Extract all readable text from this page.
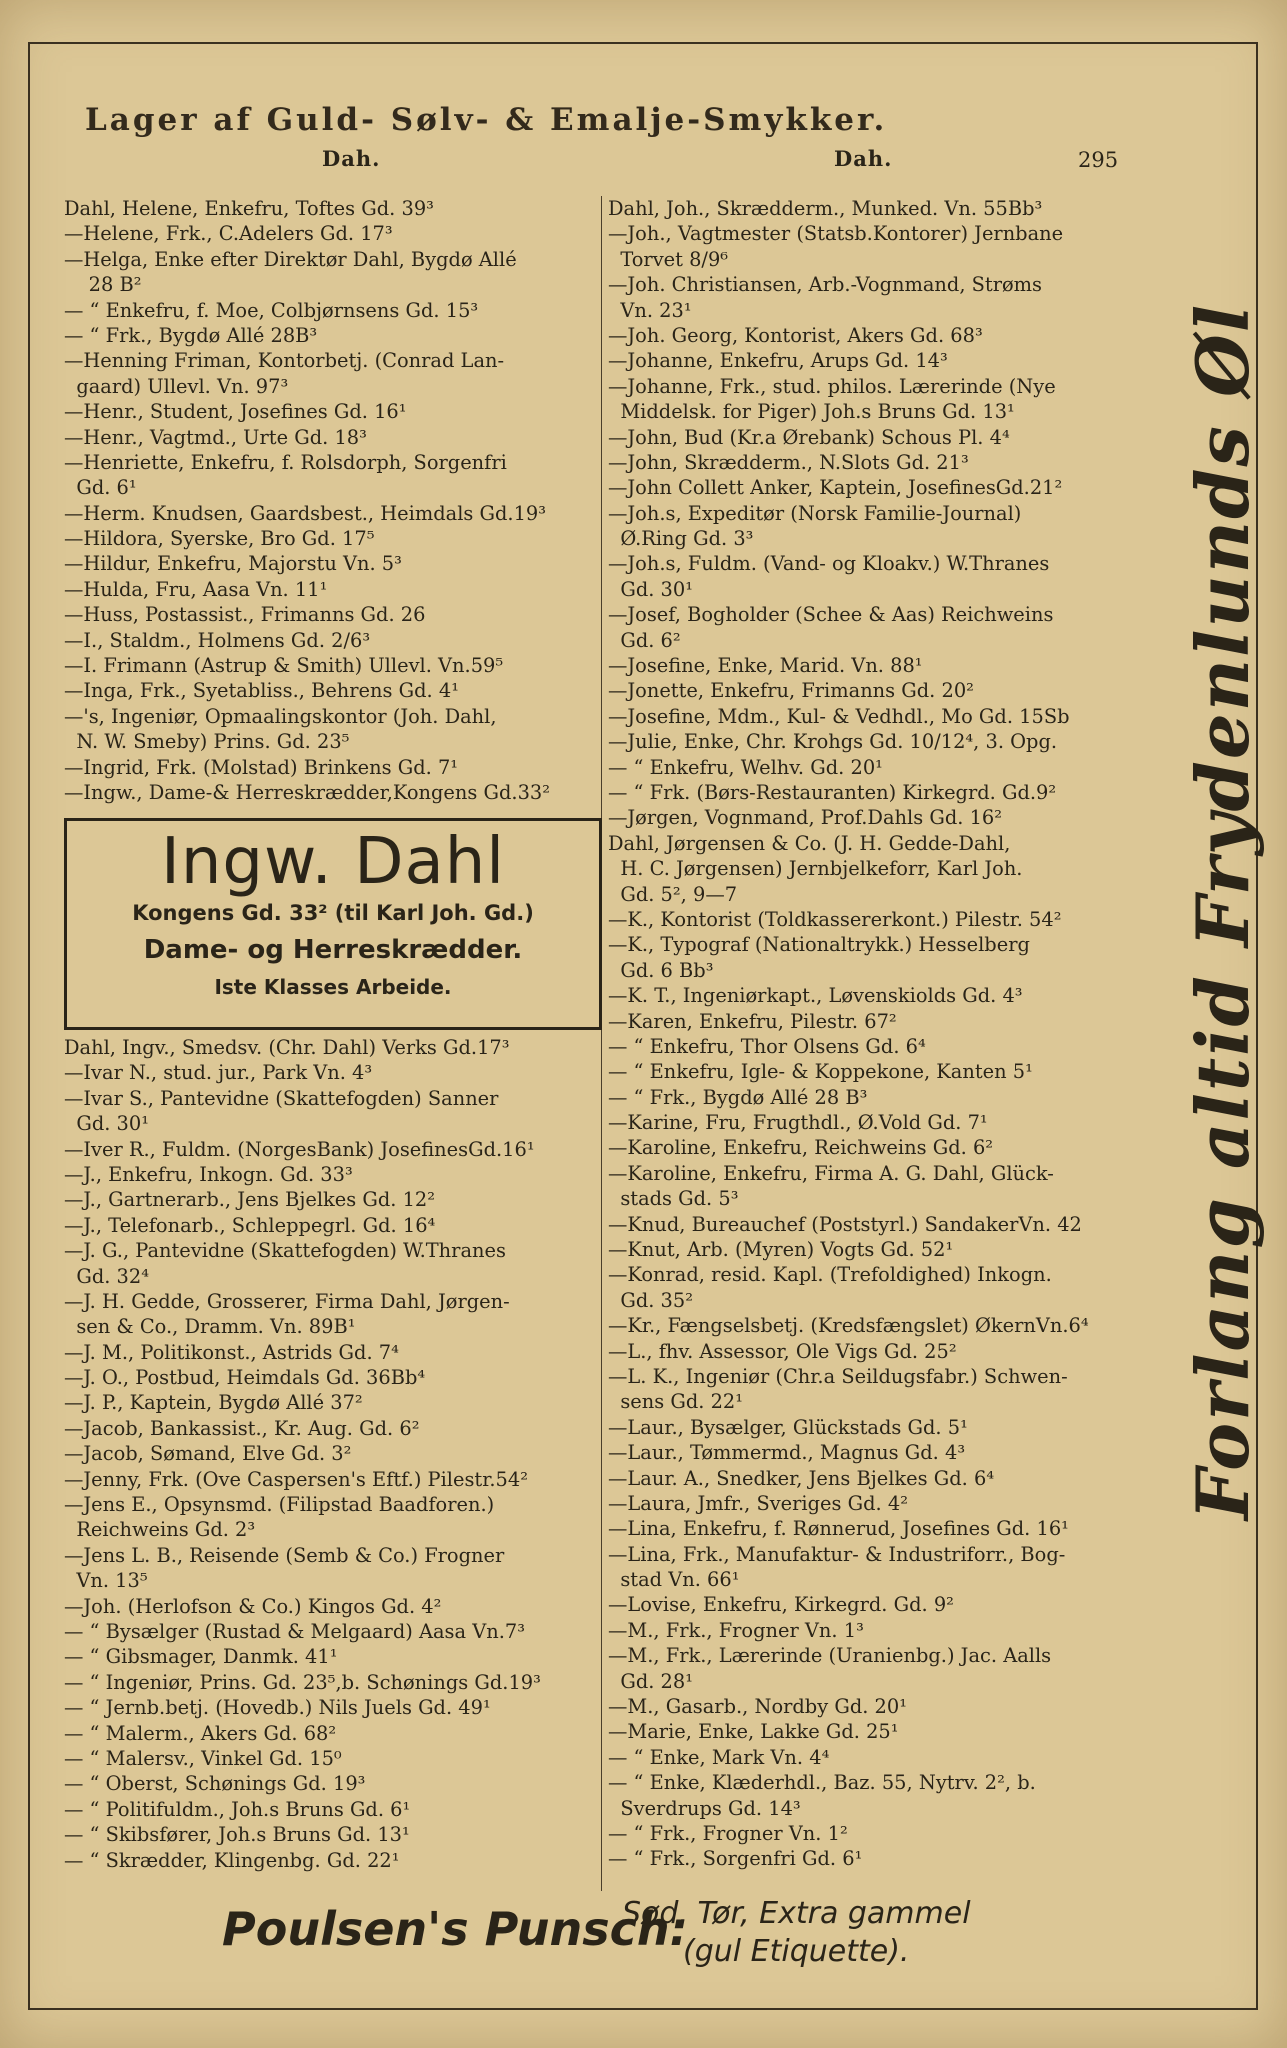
Lager af Guld- Sølv- & Emalje-Smykker.
Dah.	Dah.	295
Dahl, Helene, Enkefru, Toftes Gd. 39³
—Helene, Frk., C.Adelers Gd. 17³
—Helga, Enke efter Direktør Dahl, Bygdø Allé
28 B²
— “ Enkefru, f. Moe, Colbjørnsens Gd. 15³
— “ Frk., Bygdø Allé 28B³
—Henning Friman, Kontorbetj. (Conrad Lan-
gaard) Ullevl. Vn. 97³
—Henr., Student, Josefines Gd. 16¹
—Henr., Vagtmd., Urte Gd. 18³
—Henriette, Enkefru, f. Rolsdorph, Sorgenfri
Gd. 6¹
—Herm. Knudsen, Gaardsbest., Heimdals Gd.19³
—Hildora, Syerske, Bro Gd. 17⁵
—Hildur, Enkefru, Majorstu Vn. 5³
—Hulda, Fru, Aasa Vn. 11¹
—Huss, Postassist., Frimanns Gd. 26
—I., Staldm., Holmens Gd. 2/6³
—I. Frimann (Astrup & Smith) Ullevl. Vn.59⁵
—Inga, Frk., Syetabliss., Behrens Gd. 4¹
—'s, Ingeniør, Opmaalingskontor (Joh. Dahl,
N. W. Smeby) Prins. Gd. 23⁵
—Ingrid, Frk. (Molstad) Brinkens Gd. 7¹
—Ingw., Dame-& Herreskrædder,Kongens Gd.33²
Ingw. Dahl
Kongens Gd. 33² (til Karl Joh. Gd.)
Dame- og Herreskrædder.
Iste Klasses Arbeide.
Dahl, Ingv., Smedsv. (Chr. Dahl) Verks Gd.17³
—Ivar N., stud. jur., Park Vn. 4³
—Ivar S., Pantevidne (Skattefogden) Sanner
Gd. 30¹
—Iver R., Fuldm. (NorgesBank) JosefinesGd.16¹
—J., Enkefru, Inkogn. Gd. 33³
—J., Gartnerarb., Jens Bjelkes Gd. 12²
—J., Telefonarb., Schleppegrl. Gd. 16⁴
—J. G., Pantevidne (Skattefogden) W.Thranes
Gd. 32⁴
—J. H. Gedde, Grosserer, Firma Dahl, Jørgen-
sen & Co., Dramm. Vn. 89B¹
—J. M., Politikonst., Astrids Gd. 7⁴
—J. O., Postbud, Heimdals Gd. 36Bb⁴
—J. P., Kaptein, Bygdø Allé 37²
—Jacob, Bankassist., Kr. Aug. Gd. 6²
—Jacob, Sømand, Elve Gd. 3²
—Jenny, Frk. (Ove Caspersen's Eftf.) Pilestr.54²
—Jens E., Opsynsmd. (Filipstad Baadforen.)
Reichweins Gd. 2³
—Jens L. B., Reisende (Semb & Co.) Frogner
Vn. 13⁵
—Joh. (Herlofson & Co.) Kingos Gd. 4²
— “ Bysælger (Rustad & Melgaard) Aasa Vn.7³
— “ Gibsmager, Danmk. 41¹
— “ Ingeniør, Prins. Gd. 23⁵,b. Schønings Gd.19³
— “ Jernb.betj. (Hovedb.) Nils Juels Gd. 49¹
— “ Malerm., Akers Gd. 68²
— “ Malersv., Vinkel Gd. 15⁰
— “ Oberst, Schønings Gd. 19³
— “ Politifuldm., Joh.s Bruns Gd. 6¹
— “ Skibsfører, Joh.s Bruns Gd. 13¹
— “ Skrædder, Klingenbg. Gd. 22¹
Dahl, Joh., Skrædderm., Munked. Vn. 55Bb³
—Joh., Vagtmester (Statsb.Kontorer) Jernbane
Torvet 8/9⁶
—Joh. Christiansen, Arb.-Vognmand, Strøms
Vn. 23¹
—Joh. Georg, Kontorist, Akers Gd. 68³
—Johanne, Enkefru, Arups Gd. 14³
—Johanne, Frk., stud. philos. Lærerinde (Nye
Middelsk. for Piger) Joh.s Bruns Gd. 13¹
—John, Bud (Kr.a Ørebank) Schous Pl. 4⁴
—John, Skrædderm., N.Slots Gd. 21³
—John Collett Anker, Kaptein, JosefinesGd.21²
—Joh.s, Expeditør (Norsk Familie-Journal)
Ø.Ring Gd. 3³
—Joh.s, Fuldm. (Vand- og Kloakv.) W.Thranes
Gd. 30¹
—Josef, Bogholder (Schee & Aas) Reichweins
Gd. 6²
—Josefine, Enke, Marid. Vn. 88¹
—Jonette, Enkefru, Frimanns Gd. 20²
—Josefine, Mdm., Kul- & Vedhdl., Mo Gd. 15Sb
—Julie, Enke, Chr. Krohgs Gd. 10/12⁴, 3. Opg.
— “ Enkefru, Welhv. Gd. 20¹
— “ Frk. (Børs-Restauranten) Kirkegrd. Gd.9²
—Jørgen, Vognmand, Prof.Dahls Gd. 16²
Dahl, Jørgensen & Co. (J. H. Gedde-Dahl,
H. C. Jørgensen) Jernbjelkeforr, Karl Joh.
Gd. 5², 9—7
—K., Kontorist (Toldkassererkont.) Pilestr. 54²
—K., Typograf (Nationaltrykk.) Hesselberg
Gd. 6 Bb³
—K. T., Ingeniørkapt., Løvenskiolds Gd. 4³
—Karen, Enkefru, Pilestr. 67²
— “ Enkefru, Thor Olsens Gd. 6⁴
— “ Enkefru, Igle- & Koppekone, Kanten 5¹
— “ Frk., Bygdø Allé 28 B³
—Karine, Fru, Frugthdl., Ø.Vold Gd. 7¹
—Karoline, Enkefru, Reichweins Gd. 6²
—Karoline, Enkefru, Firma A. G. Dahl, Glück-
stads Gd. 5³
—Knud, Bureauchef (Poststyrl.) SandakerVn. 42
—Knut, Arb. (Myren) Vogts Gd. 52¹
—Konrad, resid. Kapl. (Trefoldighed) Inkogn.
Gd. 35²
—Kr., Fængselsbetj. (Kredsfængslet) ØkernVn.6⁴
—L., fhv. Assessor, Ole Vigs Gd. 25²
—L. K., Ingeniør (Chr.a Seildugsfabr.) Schwen-
sens Gd. 22¹
—Laur., Bysælger, Glückstads Gd. 5¹
—Laur., Tømmermd., Magnus Gd. 4³
—Laur. A., Snedker, Jens Bjelkes Gd. 6⁴
—Laura, Jmfr., Sveriges Gd. 4²
—Lina, Enkefru, f. Rønnerud, Josefines Gd. 16¹
—Lina, Frk., Manufaktur- & Industriforr., Bog-
stad Vn. 66¹
—Lovise, Enkefru, Kirkegrd. Gd. 9²
—M., Frk., Frogner Vn. 1³
—M., Frk., Lærerinde (Uranienbg.) Jac. Aalls
Gd. 28¹
—M., Gasarb., Nordby Gd. 20¹
—Marie, Enke, Lakke Gd. 25¹
— “ Enke, Mark Vn. 4⁴
— “ Enke, Klæderhdl., Baz. 55, Nytrv. 2², b.
Sverdrups Gd. 14³
— “ Frk., Frogner Vn. 1²
— “ Frk., Sorgenfri Gd. 6¹
Forlang altid Frydenlunds Øl
Poulsen's Punsch:
Sød, Tør, Extra gammel
(gul Etiquette).
